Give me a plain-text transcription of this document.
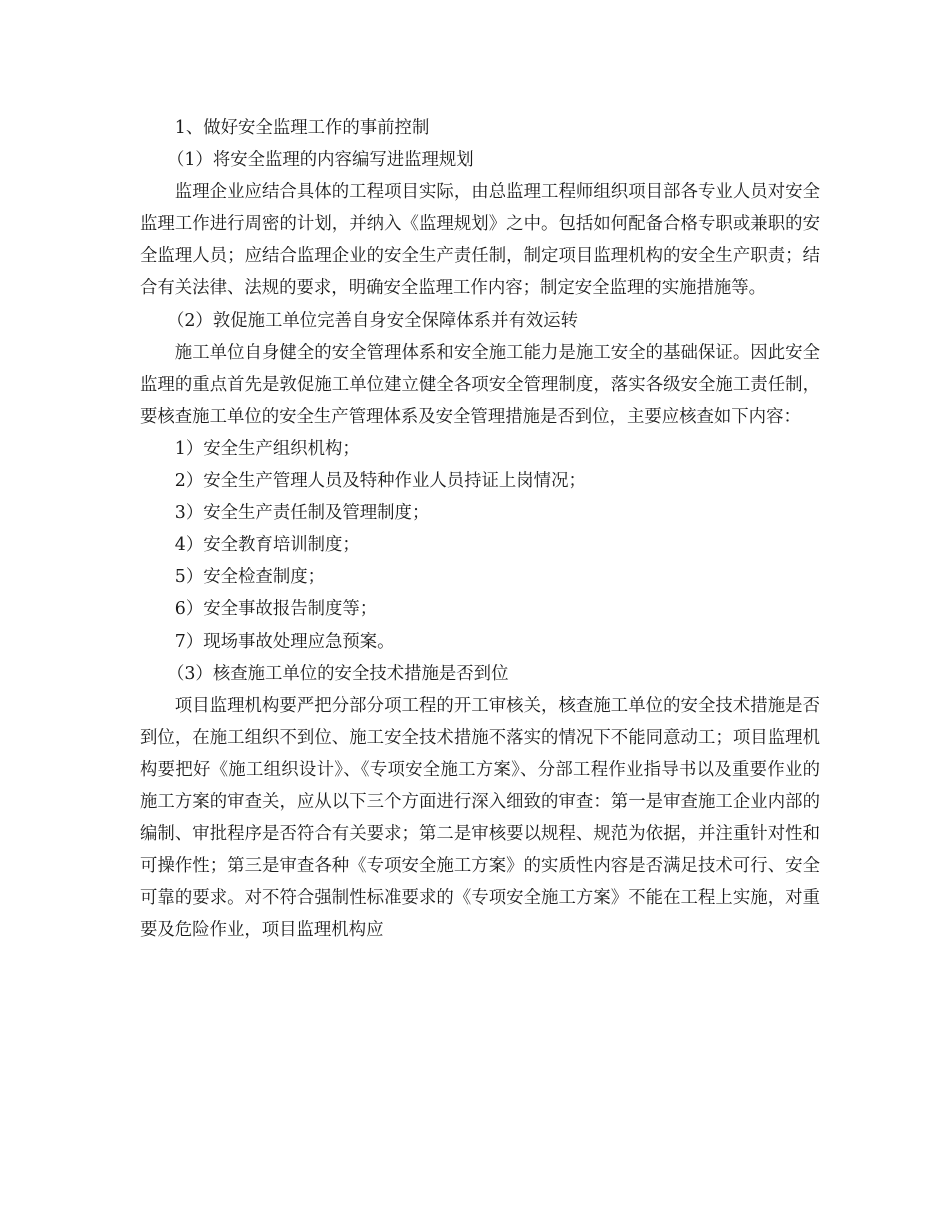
1、做好安全监理工作的事前控制

（1）将安全监理的内容编写进监理规划

监理企业应结合具体的工程项目实际，由总监理工程师组织项目部各专业人员对安全监理工作进行周密的计划，并纳入《监理规划》之中。包括如何配备合格专职或兼职的安全监理人员；应结合监理企业的安全生产责任制，制定项目监理机构的安全生产职责；结合有关法律、法规的要求，明确安全监理工作内容；制定安全监理的实施措施等。

（2）敦促施工单位完善自身安全保障体系并有效运转

施工单位自身健全的安全管理体系和安全施工能力是施工安全的基础保证。因此安全监理的重点首先是敦促施工单位建立健全各项安全管理制度，落实各级安全施工责任制，要核查施工单位的安全生产管理体系及安全管理措施是否到位，主要应核查如下内容：

1）安全生产组织机构；

2）安全生产管理人员及特种作业人员持证上岗情况；

3）安全生产责任制及管理制度；

4）安全教育培训制度；

5）安全检查制度；

6）安全事故报告制度等；

7）现场事故处理应急预案。

（3）核查施工单位的安全技术措施是否到位

项目监理机构要严把分部分项工程的开工审核关，核查施工单位的安全技术措施是否到位，在施工组织不到位、施工安全技术措施不落实的情况下不能同意动工；项目监理机构要把好《施工组织设计》、《专项安全施工方案》、分部工程作业指导书以及重要作业的施工方案的审查关，应从以下三个方面进行深入细致的审查：第一是审查施工企业内部的编制、审批程序是否符合有关要求；第二是审核要以规程、规范为依据，并注重针对性和可操作性；第三是审查各种《专项安全施工方案》的实质性内容是否满足技术可行、安全可靠的要求。对不符合强制性标准要求的《专项安全施工方案》不能在工程上实施，对重要及危险作业，项目监理机构应
